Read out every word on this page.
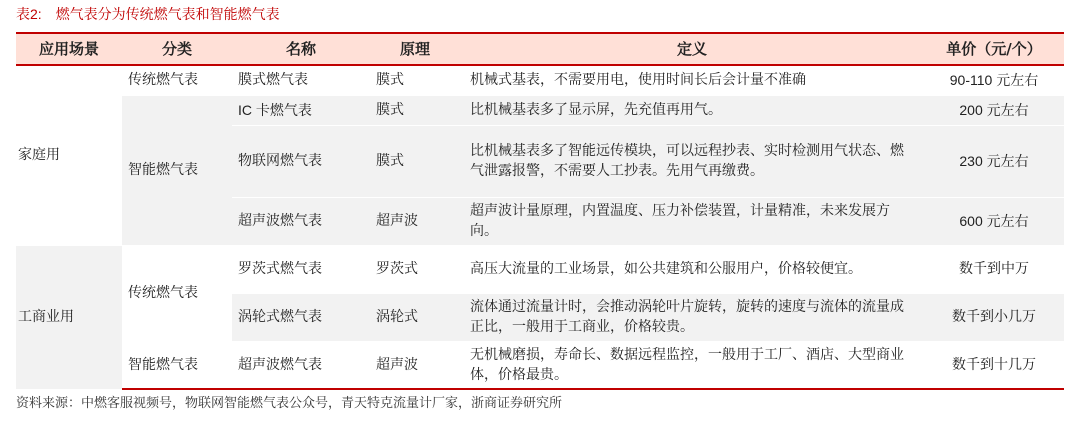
表2: 燃气表分为传统燃气表和智能燃气表
应用场景	分类	名称	原理	定义	单价（元/个）
家庭用	传统燃气表	膜式燃气表	膜式	机械式基表，不需要用电，使用时间长后会计量不准确	90-110 元左右
	智能燃气表	IC 卡燃气表	膜式	比机械基表多了显示屏，先充值再用气。	200 元左右
		物联网燃气表	膜式	比机械基表多了智能远传模块，可以远程抄表、实时检测用气状态、燃气泄露报警，不需要人工抄表。先用气再缴费。	230 元左右
		超声波燃气表	超声波	超声波计量原理，内置温度、压力补偿装置，计量精准，未来发展方向。	600 元左右
工商业用	传统燃气表	罗茨式燃气表	罗茨式	高压大流量的工业场景，如公共建筑和公服用户，价格较便宜。	数千到中万
		涡轮式燃气表	涡轮式	流体通过流量计时，会推动涡轮叶片旋转，旋转的速度与流体的流量成正比，一般用于工商业，价格较贵。	数千到小几万
	智能燃气表	超声波燃气表	超声波	无机械磨损，寿命长、数据远程监控，一般用于工厂、酒店、大型商业体，价格最贵。	数千到十几万
资料来源：中燃客服视频号，物联网智能燃气表公众号，青天特克流量计厂家，浙商证券研究所
